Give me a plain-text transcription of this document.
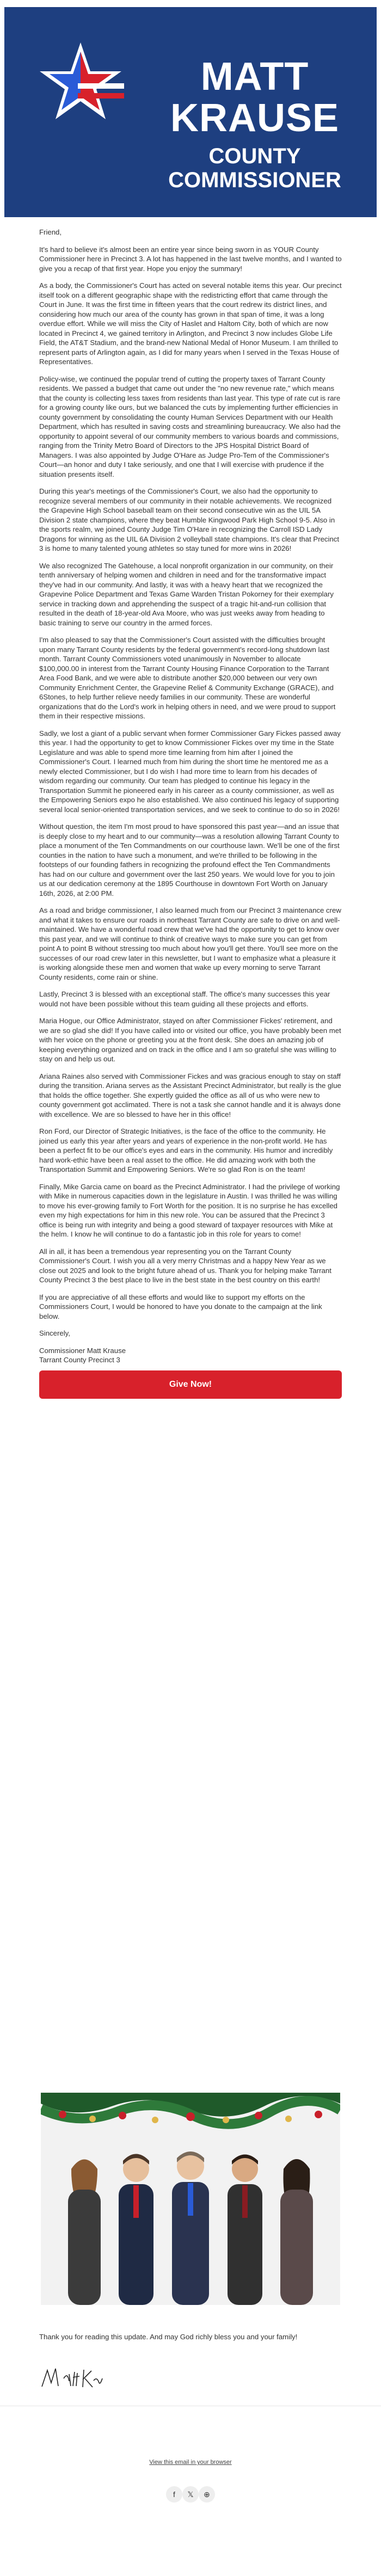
MATT
KRAUSE
COUNTY COMMISSIONER

Friend,

It's hard to believe it's almost been an entire year since being sworn in as YOUR County Commissioner here in Precinct 3. A lot has happened in the last twelve months, and I wanted to give you a recap of that first year. Hope you enjoy the summary!

As a body, the Commissioner's Court has acted on several notable items this year. Our precinct itself took on a different geographic shape with the redistricting effort that came through the Court in June. It was the first time in fifteen years that the court redrew its district lines, and considering how much our area of the county has grown in that span of time, it was a long overdue effort. While we will miss the City of Haslet and Haltom City, both of which are now located in Precinct 4, we gained territory in Arlington, and Precinct 3 now includes Globe Life Field, the AT&T Stadium, and the brand-new National Medal of Honor Museum. I am thrilled to represent parts of Arlington again, as I did for many years when I served in the Texas House of Representatives.

Policy-wise, we continued the popular trend of cutting the property taxes of Tarrant County residents. We passed a budget that came out under the "no new revenue rate," which means that the county is collecting less taxes from residents than last year. This type of rate cut is rare for a growing county like ours, but we balanced the cuts by implementing further efficiencies in county government by consolidating the county Human Services Department with our Health Department, which has resulted in saving costs and streamlining bureaucracy. We also had the opportunity to appoint several of our community members to various boards and commissions, ranging from the Trinity Metro Board of Directors to the JPS Hospital District Board of Managers. I was also appointed by Judge O'Hare as Judge Pro-Tem of the Commissioner's Court—an honor and duty I take seriously, and one that I will exercise with prudence if the situation presents itself.

During this year's meetings of the Commissioner's Court, we also had the opportunity to recognize several members of our community in their notable achievements. We recognized the Grapevine High School baseball team on their second consecutive win as the UIL 5A Division 2 state champions, where they beat Humble Kingwood Park High School 9-5. Also in the sports realm, we joined County Judge Tim O'Hare in recognizing the Carroll ISD Lady Dragons for winning as the UIL 6A Division 2 volleyball state champions. It's clear that Precinct 3 is home to many talented young athletes so stay tuned for more wins in 2026!

We also recognized The Gatehouse, a local nonprofit organization in our community, on their tenth anniversary of helping women and children in need and for the transformative impact they've had in our community. And lastly, it was with a heavy heart that we recognized the Grapevine Police Department and Texas Game Warden Tristan Pokorney for their exemplary service in tracking down and apprehending the suspect of a tragic hit-and-run collision that resulted in the death of 18-year-old Ava Moore, who was just weeks away from heading to basic training to serve our country in the armed forces.

I'm also pleased to say that the Commissioner's Court assisted with the difficulties brought upon many Tarrant County residents by the federal government's record-long shutdown last month. Tarrant County Commissioners voted unanimously in November to allocate $100,000.00 in interest from the Tarrant County Housing Finance Corporation to the Tarrant Area Food Bank, and we were able to distribute another $20,000 between our very own Community Enrichment Center, the Grapevine Relief & Community Exchange (GRACE), and 6Stones, to help further relieve needy families in our community. These are wonderful organizations that do the Lord's work in helping others in need, and we were proud to support them in their respective missions.

Sadly, we lost a giant of a public servant when former Commissioner Gary Fickes passed away this year. I had the opportunity to get to know Commissioner Fickes over my time in the State Legislature and was able to spend more time learning from him after I joined the Commissioner's Court. I learned much from him during the short time he mentored me as a newly elected Commissioner, but I do wish I had more time to learn from his decades of wisdom regarding our community. Our team has pledged to continue his legacy in the Transportation Summit he pioneered early in his career as a county commissioner, as well as the Empowering Seniors expo he also established. We also continued his legacy of supporting several local senior-oriented transportation services, and we seek to continue to do so in 2026!

Without question, the item I'm most proud to have sponsored this past year—and an issue that is deeply close to my heart and to our community—was a resolution allowing Tarrant County to place a monument of the Ten Commandments on our courthouse lawn. We'll be one of the first counties in the nation to have such a monument, and we're thrilled to be following in the footsteps of our founding fathers in recognizing the profound effect the Ten Commandments has had on our culture and government over the last 250 years. We would love for you to join us at our dedication ceremony at the 1895 Courthouse in downtown Fort Worth on January 16th, 2026, at 2:00 PM.

As a road and bridge commissioner, I also learned much from our Precinct 3 maintenance crew and what it takes to ensure our roads in northeast Tarrant County are safe to drive on and well-maintained. We have a wonderful road crew that we've had the opportunity to get to know over this past year, and we will continue to think of creative ways to make sure you can get from point A to point B without stressing too much about how you'll get there. You'll see more on the successes of our road crew later in this newsletter, but I want to emphasize what a pleasure it is working alongside these men and women that wake up every morning to serve Tarrant County residents, come rain or shine.

Lastly, Precinct 3 is blessed with an exceptional staff. The office's many successes this year would not have been possible without this team guiding all these projects and efforts.

Maria Hogue, our Office Administrator, stayed on after Commissioner Fickes' retirement, and we are so glad she did! If you have called into or visited our office, you have probably been met with her voice on the phone or greeting you at the front desk. She does an amazing job of keeping everything organized and on track in the office and I am so grateful she was willing to stay on and help us out.

Ariana Raines also served with Commissioner Fickes and was gracious enough to stay on staff during the transition. Ariana serves as the Assistant Precinct Administrator, but really is the glue that holds the office together. She expertly guided the office as all of us who were new to county government got acclimated. There is not a task she cannot handle and it is always done with excellence. We are so blessed to have her in this office!

Ron Ford, our Director of Strategic Initiatives, is the face of the office to the community. He joined us early this year after years and years of experience in the non-profit world. He has been a perfect fit to be our office's eyes and ears in the community. His humor and incredibly hard work-ethic have been a real asset to the office. He did amazing work with both the Transportation Summit and Empowering Seniors. We're so glad Ron is on the team!

Finally, Mike Garcia came on board as the Precinct Administrator. I had the privilege of working with Mike in numerous capacities down in the legislature in Austin. I was thrilled he was willing to move his ever-growing family to Fort Worth for the position. It is no surprise he has excelled even my high expectations for him in this new role. You can be assured that the Precinct 3 office is being run with integrity and being a good steward of taxpayer resources with Mike at the helm. I know he will continue to do a fantastic job in this role for years to come!

All in all, it has been a tremendous year representing you on the Tarrant County Commissioner's Court. I wish you all a very merry Christmas and a happy New Year as we close out 2025 and look to the bright future ahead of us. Thank you for helping make Tarrant County Precinct 3 the best place to live in the best state in the best country on this earth!

If you are appreciative of all these efforts and would like to support my efforts on the Commissioners Court, I would be honored to have you donate to the campaign at the link below.

Sincerely,

Commissioner Matt Krause
Tarrant County Precinct 3

Give Now!
Thank you for reading this update. And may God richly bless you and your family!
View this email in your browser
f	𝕏	⊕
